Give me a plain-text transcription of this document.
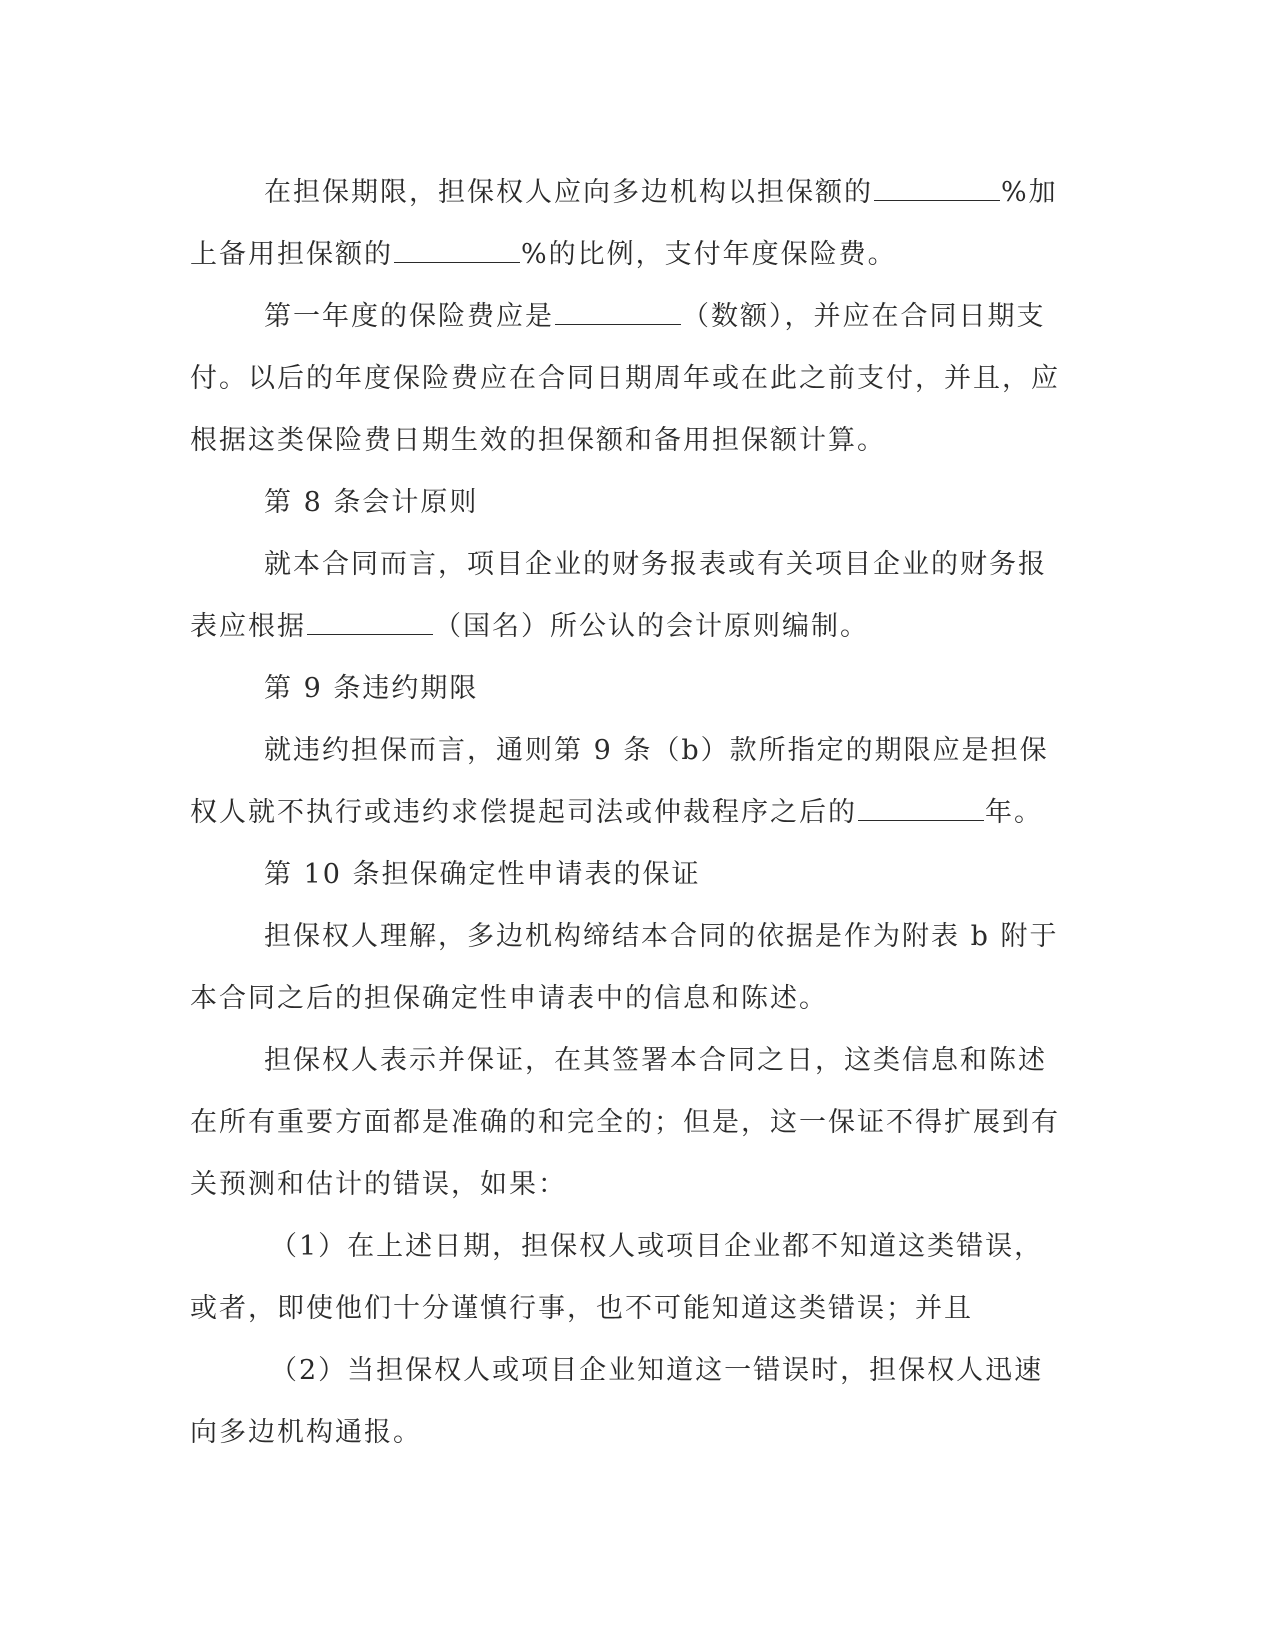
在担保期限，担保权人应向多边机构以担保额的	%加上备用担保额的	%的比例，支付年度保险费。

第一年度的保险费应是	（数额），并应在合同日期支付。以后的年度保险费应在合同日期周年或在此之前支付，并且，应根据这类保险费日期生效的担保额和备用担保额计算。

第 8 条会计原则

就本合同而言，项目企业的财务报表或有关项目企业的财务报表应根据	（国名）所公认的会计原则编制。

第 9 条违约期限

就违约担保而言，通则第 9 条（b）款所指定的期限应是担保权人就不执行或违约求偿提起司法或仲裁程序之后的	年。

第 10 条担保确定性申请表的保证

担保权人理解，多边机构缔结本合同的依据是作为附表 b 附于本合同之后的担保确定性申请表中的信息和陈述。

担保权人表示并保证，在其签署本合同之日，这类信息和陈述在所有重要方面都是准确的和完全的；但是，这一保证不得扩展到有关预测和估计的错误，如果：

（1）在上述日期，担保权人或项目企业都不知道这类错误，或者，即使他们十分谨慎行事，也不可能知道这类错误；并且

（2）当担保权人或项目企业知道这一错误时，担保权人迅速向多边机构通报。
